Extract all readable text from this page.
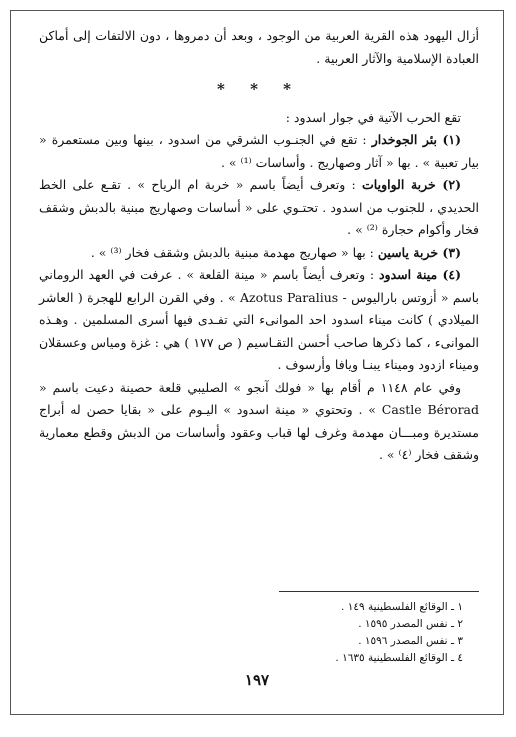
أزال اليهود هذه القرية العربية من الوجود ، وبعد أن دمروها ، دون الالتفات إلى أماكن العبادة الإسلامية والآثار العربية .

* * *

تقع الحرب الآتية في جوار اسدود :

(١) بئر الجوخدار : تقع في الجنـوب الشرقي من اسدود ، بينها وبين مستعمرة « بيار تعبية » . بها « آثار وصهاريج . وأساسات ⁽¹⁾ » .

(٢) خربة الواويات : وتعرف أيضاً باسم « خربة ام الرياح » . تقـع على الخط الحديدي ، للجنوب من اسدود . تحتـوي على « أساسات وصهاريج مبنية بالدبش وشقف فخار وأكوام حجارة ⁽²⁾ » .

(٣) خربة ياسين : بها « صهاريج مهدمة مبنية بالدبش وشقف فخار ⁽³⁾ » .

(٤) مينة اسدود : وتعرف أيضاً باسم « مينة القلعة » . عرفت في العهد الروماني باسم « أزوتس باراليوس - Azotus Paralius » . وفي القرن الرابع للهجرة ( العاشر الميلادي ) كانت ميناء اسدود احد الموانىء التي تفـدى فيها أسرى المسلمين . وهـذه الموانىء ، كما ذكرها صاحب أحسن التقـاسيم ( ص ١٧٧ ) هي : غزة ومياس وعسقلان وميناء ازدود وميناء يبنـا ويافا وأرسوف .

وفي عام ١١٤٨ م أقام بها « فولك آنجو » الصليبي قلعة حصينة دعيت باسم « Castle Bérorad » . وتحتوي « مينة اسدود » اليـوم على « بقايا حصن له أبراج مستديرة ومبـــان مهدمة وغرف لها قباب وعقود وأساسات من الدبش وقطع معمارية وشقف فخار ⁽٤⁾ » .

١ ـ الوقائع الفلسطينية ١٤٩ .
٢ ـ نفس المصدر ١٥٩٥ .
٣ ـ نفس المصدر ١٥٩٦ .
٤ ـ الوقائع الفلسطينية ١٦٣٥ .
١٩٧
